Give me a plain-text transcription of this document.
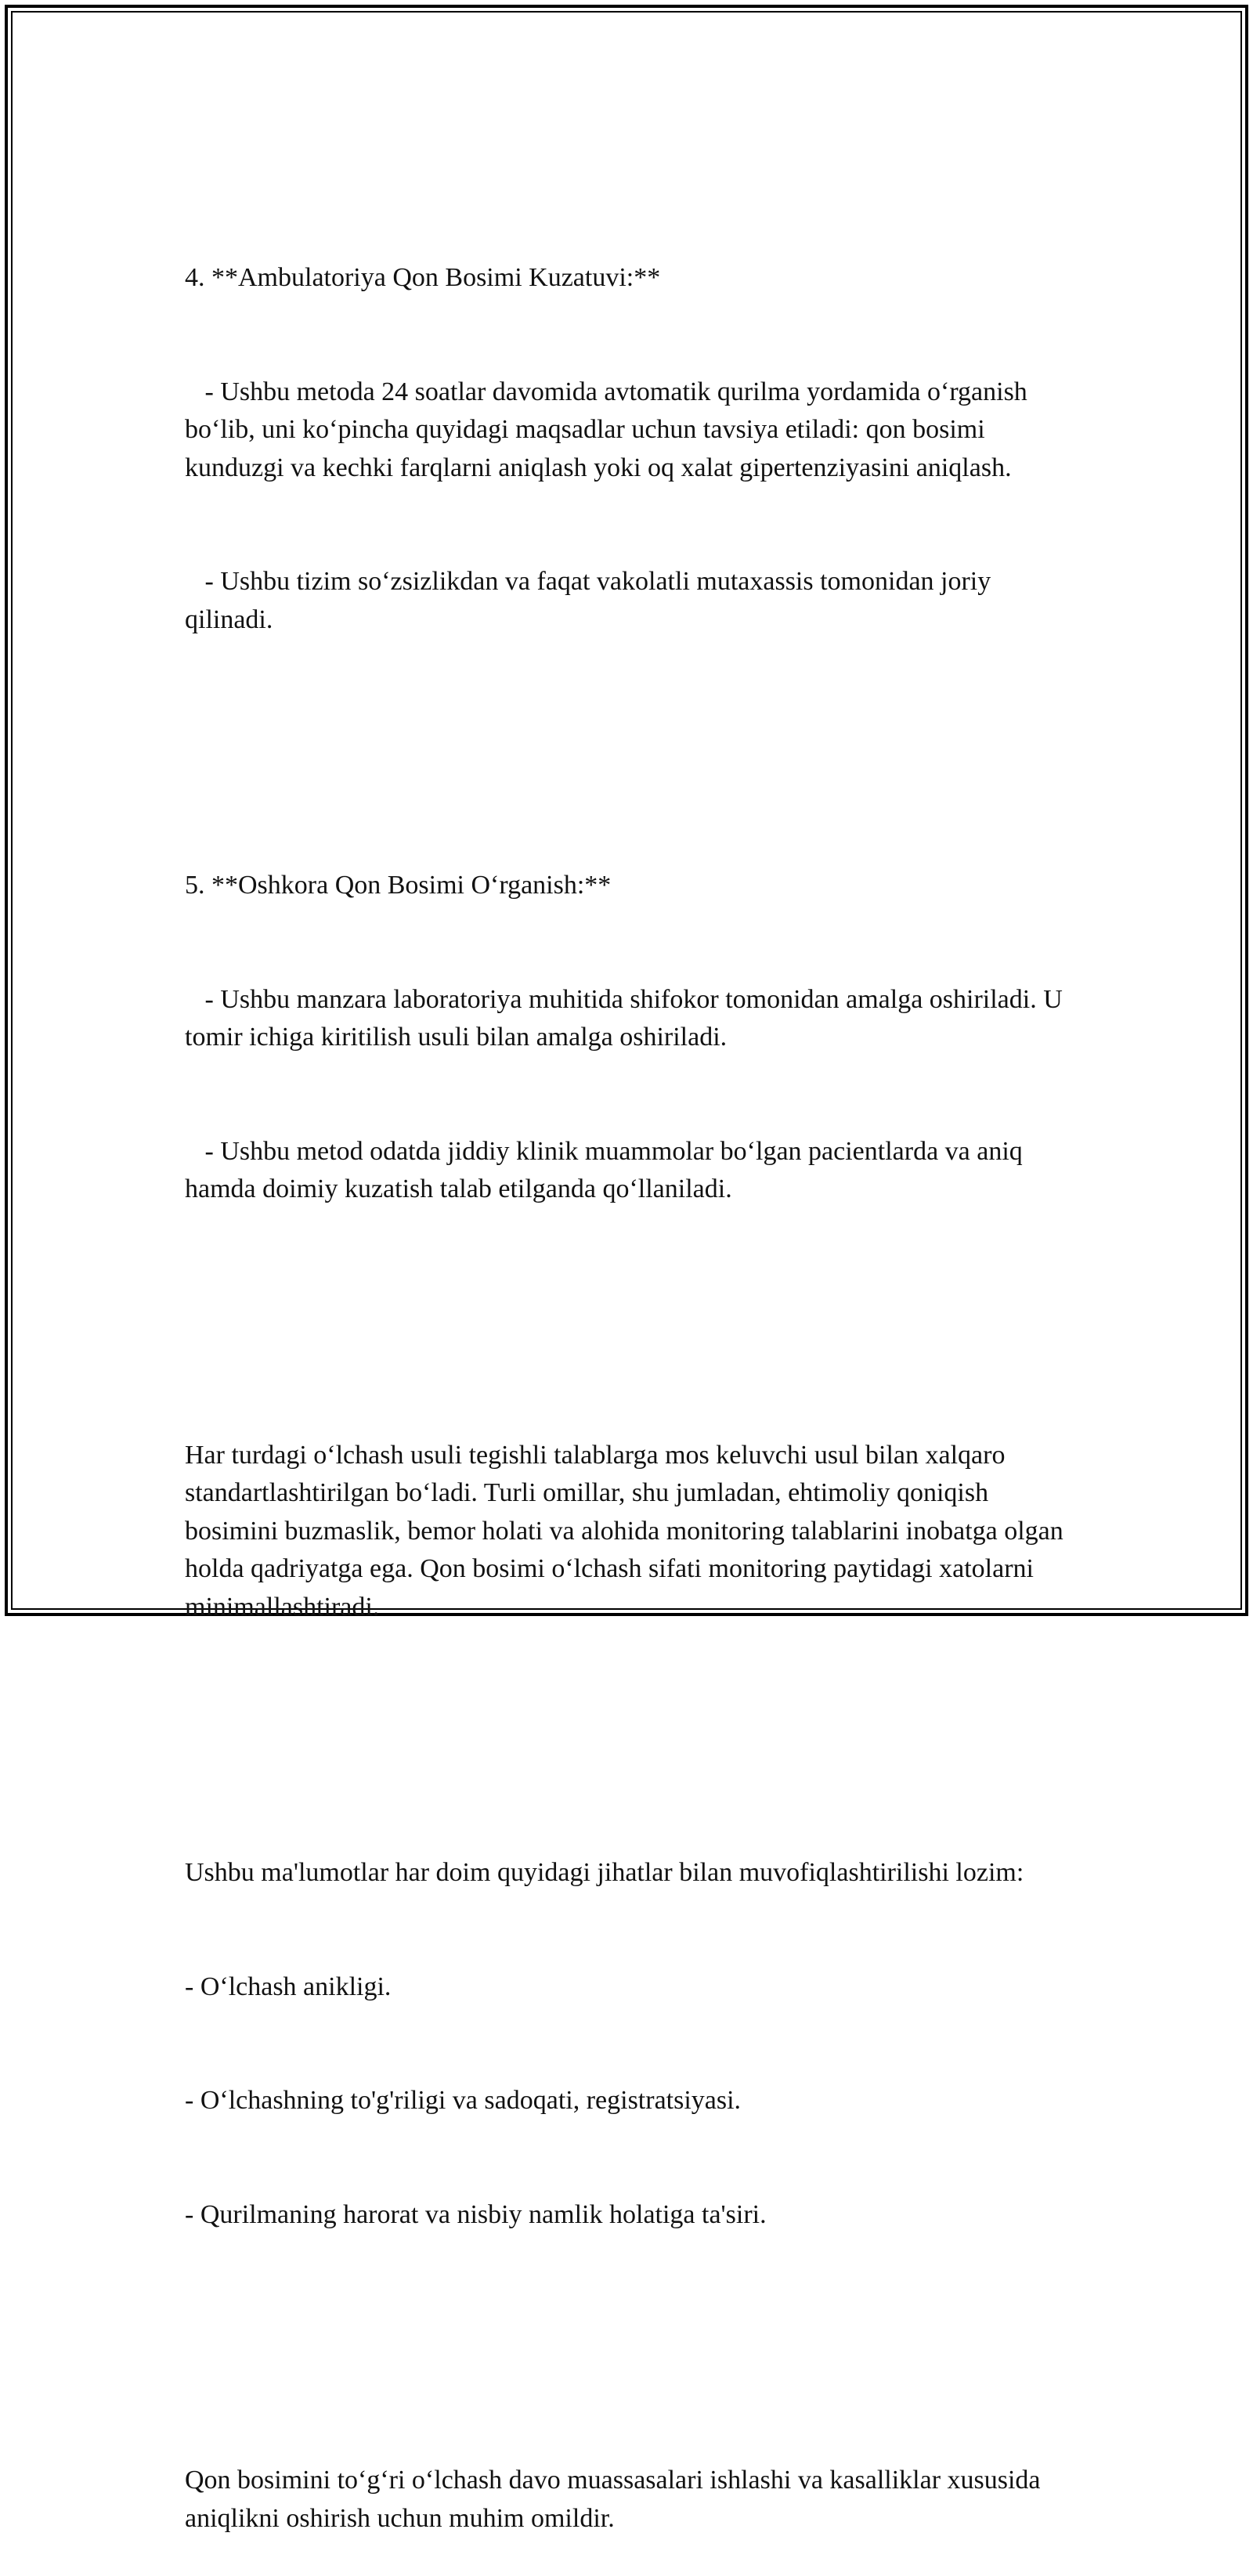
4. **Ambulatoriya Qon Bosimi Kuzatuvi:**

- Ushbu metoda 24 soatlar davomida avtomatik qurilma yordamida o‘rganish bo‘lib, uni ko‘pincha quyidagi maqsadlar uchun tavsiya etiladi: qon bosimi kunduzgi va kechki farqlarni aniqlash yoki oq xalat gipertenziyasini aniqlash.

- Ushbu tizim so‘zsizlikdan va faqat vakolatli mutaxassis tomonidan joriy qilinadi.

5. **Oshkora Qon Bosimi O‘rganish:**

- Ushbu manzara laboratoriya muhitida shifokor tomonidan amalga oshiriladi. U tomir ichiga kiritilish usuli bilan amalga oshiriladi.

- Ushbu metod odatda jiddiy klinik muammolar bo‘lgan pacientlarda va aniq hamda doimiy kuzatish talab etilganda qo‘llaniladi.

Har turdagi o‘lchash usuli tegishli talablarga mos keluvchi usul bilan xalqaro standartlashtirilgan bo‘ladi. Turli omillar, shu jumladan, ehtimoliy qoniqish bosimini buzmaslik, bemor holati va alohida monitoring talablarini inobatga olgan holda qadriyatga ega. Qon bosimi o‘lchash sifati monitoring paytidagi xatolarni minimallashtiradi.

Ushbu ma'lumotlar har doim quyidagi jihatlar bilan muvofiqlashtirilishi lozim:

- O‘lchash anikligi.

- O‘lchashning to'g'riligi va sadoqati, registratsiyasi.

- Qurilmaning harorat va nisbiy namlik holatiga ta'siri.

Qon bosimini to‘g‘ri o‘lchash davo muassasalari ishlashi va kasalliklar xususida aniqlikni oshirish uchun muhim omildir.
